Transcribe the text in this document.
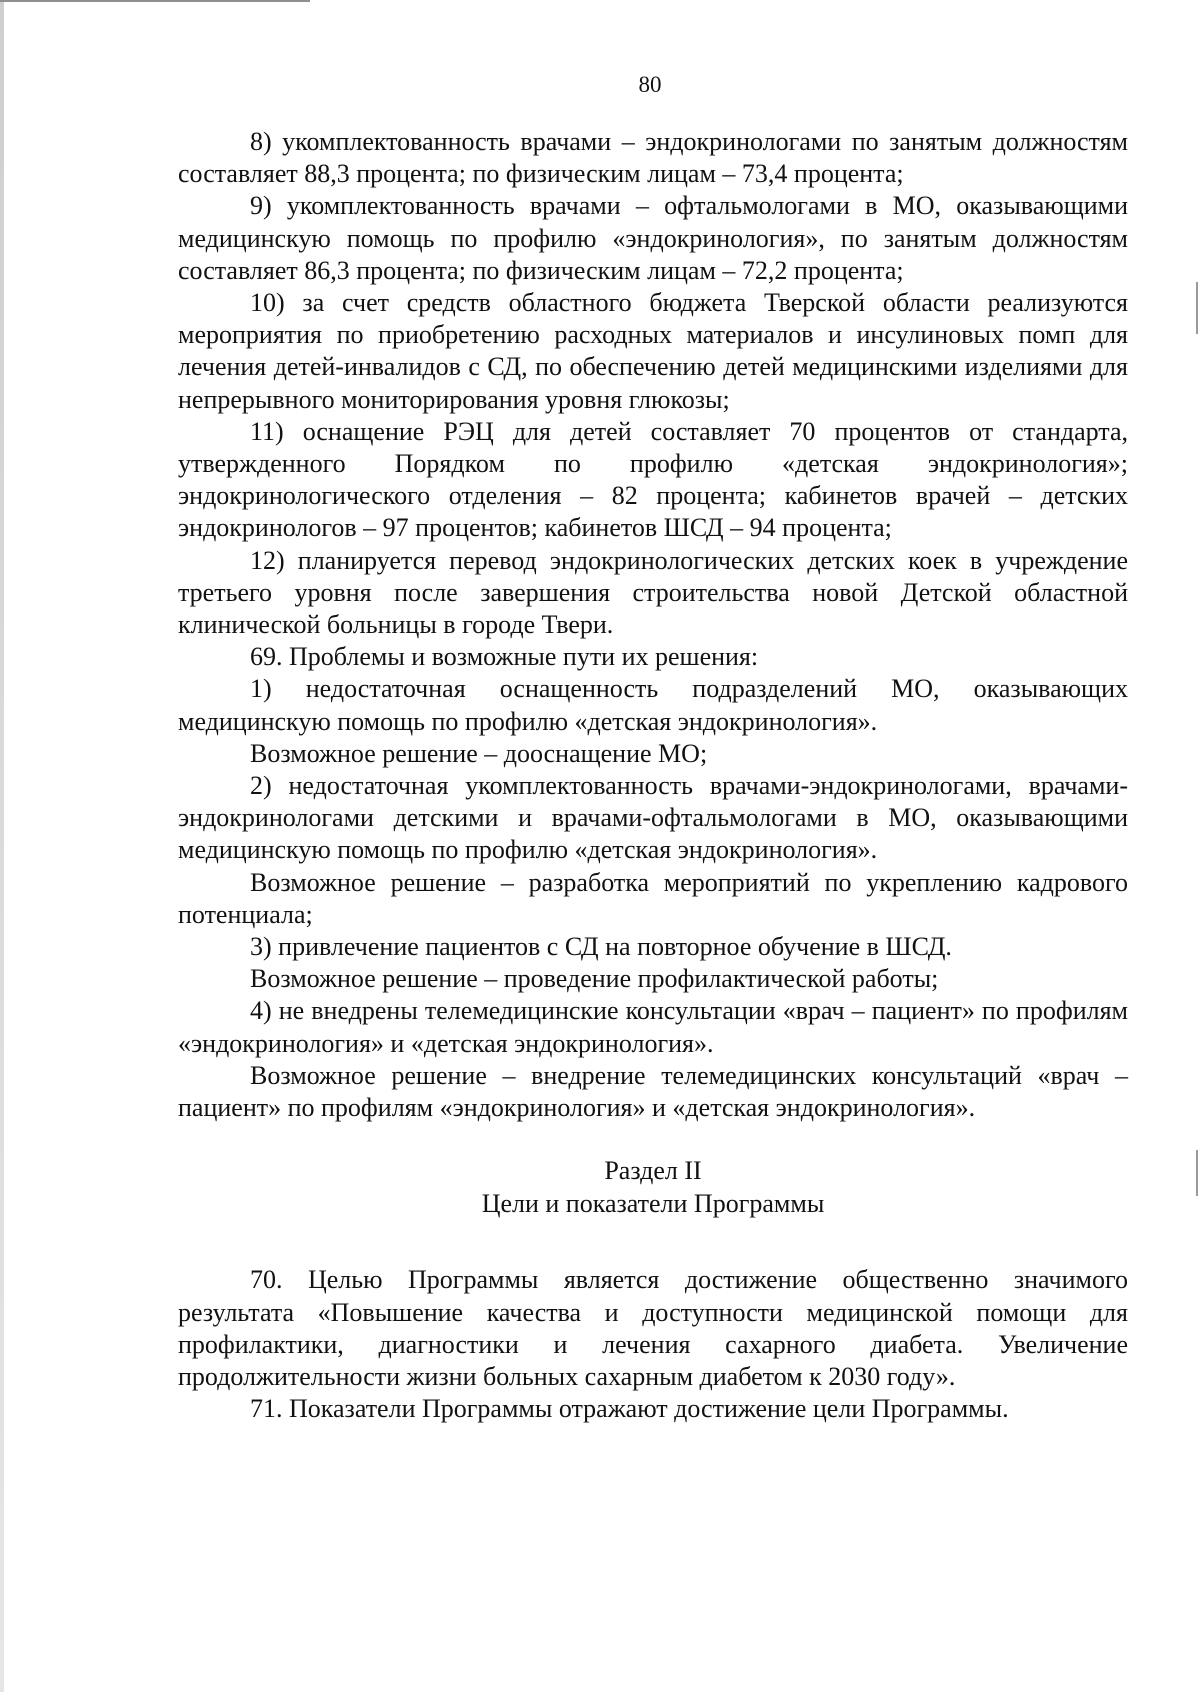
80

8) укомплектованность врачами – эндокринологами по занятым должностям составляет 88,3 процента; по физическим лицам – 73,4 процента;

9) укомплектованность врачами – офтальмологами в МО, оказывающими медицинскую помощь по профилю «эндокринология», по занятым должностям составляет 86,3 процента; по физическим лицам – 72,2 процента;

10) за счет средств областного бюджета Тверской области реализуются мероприятия по приобретению расходных материалов и инсулиновых помп для лечения детей-инвалидов с СД, по обеспечению детей медицинскими изделиями для непрерывного мониторирования уровня глюкозы;

11) оснащение РЭЦ для детей составляет 70 процентов от стандарта, утвержденного Порядком по профилю «детская эндокринология»; эндокринологического отделения – 82 процента; кабинетов врачей – детских эндокринологов – 97 процентов; кабинетов ШСД – 94 процента;

12) планируется перевод эндокринологических детских коек в учреждение третьего уровня после завершения строительства новой Детской областной клинической больницы в городе Твери.

69. Проблемы и возможные пути их решения:

1) недостаточная оснащенность подразделений МО, оказывающих медицинскую помощь по профилю «детская эндокринология».

Возможное решение – дооснащение МО;

2) недостаточная укомплектованность врачами-эндокринологами, врачами-эндокринологами детскими и врачами-офтальмологами в МО, оказывающими медицинскую помощь по профилю «детская эндокринология».

Возможное решение – разработка мероприятий по укреплению кадрового потенциала;

3) привлечение пациентов с СД на повторное обучение в ШСД.

Возможное решение – проведение профилактической работы;

4) не внедрены телемедицинские консультации «врач – пациент» по профилям «эндокринология» и «детская эндокринология».

Возможное решение – внедрение телемедицинских консультаций «врач – пациент» по профилям «эндокринология» и «детская эндокринология».

Раздел II
Цели и показатели Программы

70. Целью Программы является достижение общественно значимого результата «Повышение качества и доступности медицинской помощи для профилактики, диагностики и лечения сахарного диабета. Увеличение продолжительности жизни больных сахарным диабетом к 2030 году».

71. Показатели Программы отражают достижение цели Программы.
